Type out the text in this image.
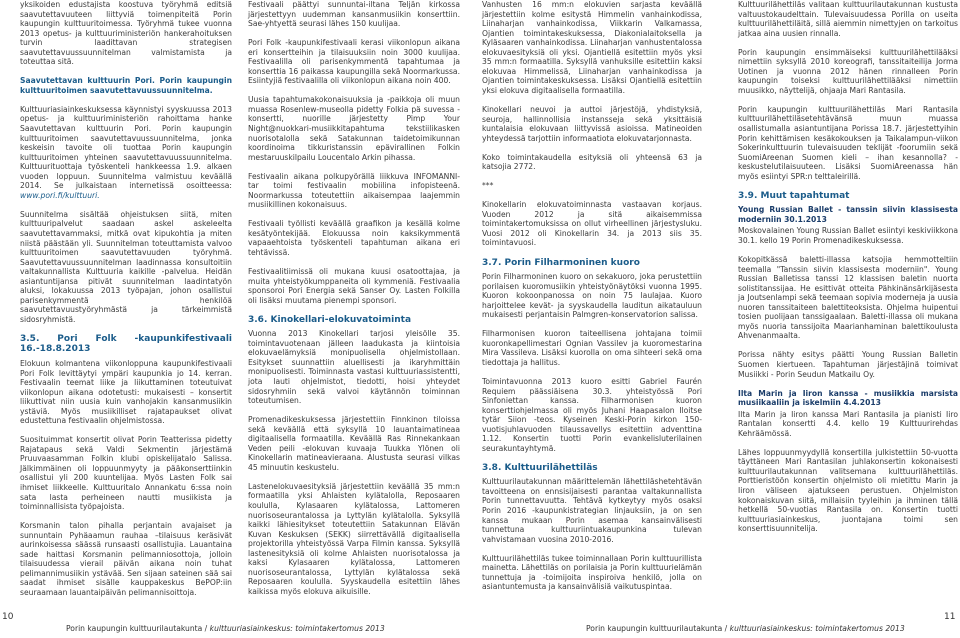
yksikoiden edustajista koostuva työryhmä editsiä saavutettavuuteen liittyviä toimenpiteitä Porin kaupungin kulttuuritoimessa. Työryhmä tukee vuonna 2013 opetus- ja kulttuuriministeriön hankerahoituksen turvin laadittavan strategisen saavutettavuussuunnitelman valmistamista ja toteuttaa sitä.

Saavutettavan kulttuurin Pori. Porin kaupungin kulttuuritoimen saavutettavuussuunnitelma.

Kulttuuriasiainkeskuksessa käynnistyi syyskuussa 2013 opetus- ja kulttuuriministeriön rahoittama hanke Saavutettavan kulttuurin Pori. Porin kaupungin kulttuuritoimen saavutettavuussuunnitelma, jonka keskeisin tavoite oli tuottaa Porin kaupungin kulttuuritoimen yhteinen saavutettavuussuunnitelma. Kulttuurituottaja työskenteli hankkeessa 1.9. alkaen vuoden loppuun. Suunnitelma valmistuu keväällä 2014. Se julkaistaan internetissä osoitteessa: www.pori.fi/kulttuuri.

Suunnitelma sisältää ohjeistuksen siitä, miten kulttuuripalvelut saadaan askel askeleelta saavutettavammaksi, mitkä ovat kipukohtia ja miten niistä päästään yli. Suunnitelman toteuttamista valvoo kulttuuritoimen saavutettavuuden työryhmä. Saavutettavuussuunnitelman laadinnassa konsultoitiin valtakunnallista Kulttuuria kaikille -palvelua. Heidän asiantuntijansa pitivät suunnitelman laadintatyön aluksi, lokakuussa 2013 työpajan, johon osallistui parisenkymmentä henkilöä saavutettavuustyöryhmästä ja tärkeimmistä sidosryhmistä.

3.5. Pori Folk -kaupunkifestivaali 16.-18.8.2013

Elokuun kolmantena viikonloppuna kaupunkifestivaali Pori Folk levittäytyi ympäri kaupunkia jo 14. kerran. Festivaalin teemat liike ja liikuttaminen toteutuivat viikonlopun aikana odotetusti: mukaisesti – konsertit liikuttivat niin uusia kuin vanhojakin kansanmusiikin ystäviä. Myös musiikilliset rajatapaukset olivat edustettuna festivaalin ohjelmistossa.

Suosituimmat konsertit olivat Porin Teatterissa pidetty Rajatapaus sekä Valdi Sekmentin järjestämä Pruuvaasamman Folkin klubi opiskelijatalo Salissa. Jälkimmäinen oli loppuunmyyty ja pääkonserttiinkin osallistui yli 200 kuuntelijaa. Myös Lasten Folk sai ihmiset liikkeelle. Kulttuuritalo Annankatu 6:ssa noin sata lasta perheineen nautti musiikista ja toiminnallisista työpajoista.

Korsmanin talon pihalla perjantain avajaiset ja sunnuntain Pyhäaamun rauhaa –tilaisuus keräsivät aurinkoisessa säässä runsaasti osallistujia. Lauantaina sade haittasi Korsmanin pelimanniosottoja, jolloin tilaisuudessa vierail päivän aikana noin tuhat pelimannimusiikin ystävää. Sen sijaan sateinen sää sai saadat ihmiset sisälle kauppakeskus BePOP:iin seuraamaan lauantaipäivän pelimannisoittoja.

Festivaali päättyi sunnuntai-iltana Teljän kirkossa järjestettyyn uudemman kansanmusiikin konserttiin. Sae-yhtyettä seurasi lähes 150 kuulijaa.

Pori Folk -kaupunkifestivaali kerasi viikonlopun aikana eri konsertteihin ja tilaisuuksiin noin 3000 kuulijaa. Festivaalilla oli parisenkymmentä tapahtumaa ja konserttia 16 paikassa kaupungilla sekä Noormarkussa. Esiintyjiä festivaalilla oli viikonlopun aikana noin 400.

Uusia tapahtumakokonaisuuksia ja -paikkoja oli muun muassa Rosenlew-museolla pidetty Folkia pä suvessa -konsertti, nuorille järjestetty Pimp Your Night@nuokkari-musiikkitapahtuma tekstiilikasken nuorisotalolla sekä Satakunnan taidetoimikunnan koordinoima tikkuristanssin epävirallinen Folkin mestaruuskilpailu Loucentalo Arkin pihassa.

Festivaalin aikana polkupyörällä liikkuva INFOMANNI-tar toimi festivaalin mobiilina infopisteenä. Noormarkussa toteutettiin aikaisempaa laajemmin musiikillinen kokonaisuus.

Festivaali työllisti keväällä graafikon ja kesällä kolme kesätyöntekijää. Elokuussa noin kaksikymmentä vapaaehtoista työskenteli tapahtuman aikana eri tehtävissä.

Festivaalitiimissä oli mukana kuusi osatoottajaa, ja muita yhteistyökumppaneita oli kymmeniä. Festivaalia sponsoroi Pori Energia sekä Sanser Oy. Lasten Folkilla oli lisäksi muutama pienempi sponsori.

3.6. Kinokellari-elokuvatoiminta

Vuonna 2013 Kinokellari tarjosi yleisölle 35. toimintavuotenaan jälleen laadukasta ja kiintoisia elokuvaelämyksiä monipuolisella ohjelmistollaan. Esitykset suunnattiin aluellisesti ja ikaryhmittäin monipuolisesti. Toiminnasta vastasi kulttuuriassistentti, jota lauti ohjelmistot, tiedotti, hoisi yhteydet sidosryhmiin sekä valvoi käytännön toiminnan toteutumisen.

Promenadikeskuksessa järjestettiin Finnkinon tiloissa sekä keväällä että syksyllä 10 lauantaimatineaa digitaalisella formaatilla. Keväällä Ras Rinnekankaan Veden peili -elokuvan kuvaaja Tuukka Ylönen oli Kinokellarin matineavieraana. Alustusta seurasi vilkas 45 minuutin keskustelu.

Lastenelokuvaesityksiä järjestettiin keväällä 35 mm:n formaatilla yksi Ahlaisten kylätalolla, Reposaaren koululla, Kylasaaren kylätalossa, Lattomeren nuorisoseurantalossa ja Lyttylän kylätalolla. Syksyllä kaikki lähiesitykset toteutettiin Satakunnan Elävän Kuvan Keskuksen (SEKK) siirrettävällä digitaalisella projektorilla yhteistyössä Varpa Filmin kanssa. Syksyllä lastenesityksiä oli kolme Ahlaisten nuorisotalossa ja kaksi Kylasaaren kylätalossa, Lattomeren nuorisoseurantalossa, Lyttylän kylätalossa sekä Reposaaren koululla. Syyskaudella esitettiin lähes kaikissa myös elokuva aikuisille.

10
Porin kaupungin kulttuurilautakunta / kulttuuriasiainkeskus: toimintakertomus 2013

Vanhusten 16 mm:n elokuvien sarjasta keväällä järjestettiin kolme esitystä Himmelin vanhainkodissa, Liinaharjan vanhainkodissa, Viikkarin Valkamassa, Ojantien toimintakeskuksessa, Diakonialaitoksella ja Kyläsaaren vanhainkodissa. Liinaharjan vanhustentalossa elokuvaesityksiä oli yksi. Ojantiellä esitettiin myös yksi 35 mm:n formaatilla. Syksyllä vanhuksille esitettiin kaksi elokuvaa Himmelissä, Liinaharjan vanhainkodissa ja Ojantien toimintakeskuksessa. Lisäksi Ojantiellä esitettiin yksi elokuva digitaalisella formaatilla.

Kinokellari neuvoi ja auttoi järjestöjä, yhdistyksiä, seuroja, hallinnollisia instansseja sekä yksittäisiä kuntalaisia elokuvaan liittyvissä asioissa. Matineoiden yhteydessä tarjottiin informaatiota elokuvatarjonnasta.

Koko toimintakaudella esityksiä oli yhteensä 63 ja katsojia 2772.

***

Kinokellarin elokuvatoiminnasta vastaavan korjaus. Vuoden 2012 ja sitä aikaisemmissa toimintakertomuksissa on ollut virheellinen järjestysluku. Vuosi 2012 oli Kinokellarin 34. ja 2013 siis 35. toimintavuosi.

3.7. Porin Filharmoninen kuoro

Porin Filharmoninen kuoro on sekakuoro, joka perustettiin porilaisen kuoromusiikin yhteistyönäytöksi vuonna 1995. Kuoron kokoonpanossa on noin 75 laulajaa. Kuoro harjoittelee kevät- ja syyskaudella lauditun aikatauluun mukaisesti perjantaisin Palmgren-konservatorion salissa.

Filharmonisen kuoron taiteellisena johtajana toimii kuoronkapellimestari Ognian Vassilev ja kuoromestarina Mira Vassileva. Lisäksi kuorolla on oma sihteeri sekä oma tiedottaja ja hallitus.

Toimintavuonna 2013 kuoro esitti Gabriel Faurén Requiem päässiäisena 30.3. yhteistyössä Pori Sinfoniettan kanssa. Filharmonisen kuoron konserttiohjelmassa oli myös Juhani Haapasalon Iloitse tytär Siion -teos. Kyseinen Keski-Porin kirkon 150-vuotisjuhlavuoden tilaussavellys esitettiin adventtina 1.12. Konsertin tuotti Porin evankelisluterilainen seurakuntayhtymä.

3.8. Kulttuurilähettiläs

Kulttuurilautakunnan määrittelemän lähettiläshetehtävän tavoitteena on ennsisijaisesti parantaa valtakunnallista Porin tunnettavuutta. Tehtävä kytkeytyy myös osaksi Porin 2016 -kaupunkistrategian linjauksiin, ja on sen kanssa mukaan Porin asemaa kansainvälisesti tunnettuna kulttuuriintuakaupunkina tulevan vahvistamaan vuosina 2010-2016.

Kulttuurilähettiläs tukee toiminnallaan Porin kulttuurillista mainetta. Lähettiläs on porilaisia ja Porin kulttuurielämän tunnettuja ja -toimijoita inspiroiva henkilö, jolla on asiantuntemusta ja kansainvälisiä vaikutuspintaa.

Kulttuurilähettiläs valitaan kulttuurilautakunnan kustusta valtuustokaudelttain. Tulevaisuudessa Porilla on useita kulttuurilähettiläitä, sillä aiemmin nimettyjen on tarkoitus jatkaa aina uusien rinnalla.

Porin kaupungin ensimmäiseksi kulttuurilähettilääksi nimettiin syksyllä 2010 koreografi, tanssitaiteilija Jorma Uotinen ja vuonna 2012 hänen rinnalleen Porin kaupungin toiseksi kulttuurilähettilääksi nimettiin muusikko, näyttelijä, ohjaaja Mari Rantasila.

Porin kaupungin kulttuurilähettiläs Mari Rantasila kulttuurilähettiläsetehtävänsä muun muassa osallistumalla asiantuntijana Porissa 18.7. järjestettyihin Porin kehittämisen kesäkokouksen ja Taikalampun-viikon Sokerinkulttuurin tulevaisuuden teklijät -foorumiin sekä SuomiAreenan Suomen kieli – ihan kesannolla? -keskustelutilaisuuteen. Lisäksi SuomiAreenassa hän myös esiintyi SPR:n telttaleirillä.

3.9. Muut tapahtumat

Young Russian Ballet - tanssin siivin klassisesta moderniin 30.1.2013

Moskovalainen Young Russian Ballet esiintyi keskiviikkona 30.1. kello 19 Porin Promenadikeskuksessa.

Kokopitkässä baletti-illassa katsojia hemmotteltiin teemalla "Tanssin siivin klassisesta moderniin". Young Russian Balletissa tanssi 12 klassisen baletin nuorta solistitanssijaa. He esittivät otteita Pähkinänsärkijäsesta ja Joutsenlampi sekä teemaan sopivia moderneja ja uusia nuoren tanssitaiteen balettiteoksista. Ohjelma huipentui tosien puolijaan tanssigaalaan. Baletti-illassa oli mukana myös nuoria tanssijoita Maarianhaminan balettikoulusta Ahvenanmaalta.

Porissa nähty esitys päätti Young Russian Balletin Suomen kiertueen. Tapahtuman järjestäjinä toimivat Musiikki - Porin Seudun Matkailu Oy.

Ilta Marin ja Iiron kanssa - musiikkia marsista musiikaaliin ja iskelmiin 4.4.2013

Ilta Marin ja Iiron kanssa Mari Rantasila ja pianisti Iiro Rantalan konsertti 4.4. kello 19 Kulttuurirehdas Kehräämössä.

Lähes loppuunmyydyllä konsertilla julkistettiin 50-vuotta täyttäneen Mari Rantasilan juhlakonsertin kokonaisesti kulttuurilautakunnan valitsemana kulttuurilähettiläs. Porttieristöön konsertin ohjelmisto oli mietittu Marin ja Iiron väliseen ajatukseen perustuen. Ohjelmiston kokonaiskuvan siitä, millaisiin tyyleihin ja ihminen tällä hetkellä 50-vuotias Rantasila on. Konsertin tuotti kulttuuriasiainkeskus, juontajana toimi sen konserttisuunnitelija.

Porin kaupungin kulttuurilautakunta / kulttuuriasiainkeskus: toimintakertomus 2013
11
